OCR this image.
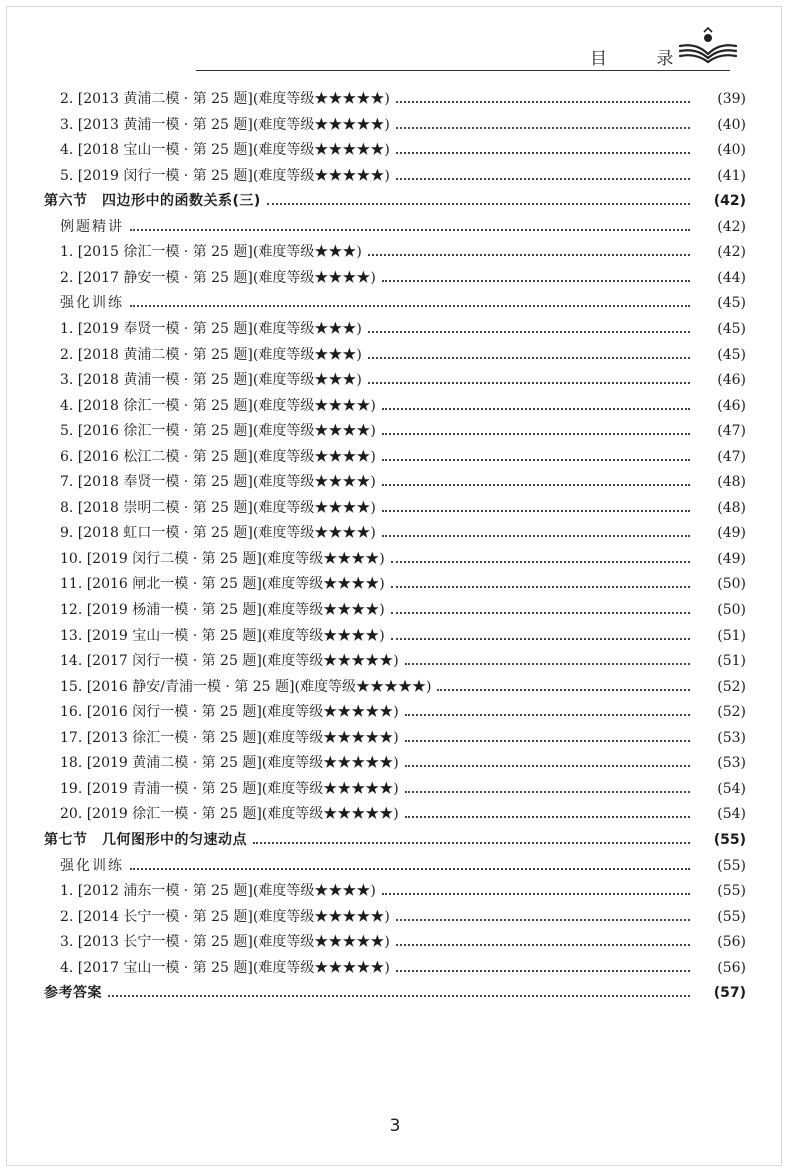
目 录
2. [2013 黄浦二模 · 第 25 题](难度等级★★★★★)	(39)
3. [2013 黄浦一模 · 第 25 题](难度等级★★★★★)	(40)
4. [2018 宝山一模 · 第 25 题](难度等级★★★★★)	(40)
5. [2019 闵行一模 · 第 25 题](难度等级★★★★★)	(41)
第六节　四边形中的函数关系(三)	(42)
例题精讲	(42)
1. [2015 徐汇一模 · 第 25 题](难度等级★★★)	(42)
2. [2017 静安一模 · 第 25 题](难度等级★★★★)	(44)
强化训练	(45)
1. [2019 奉贤一模 · 第 25 题](难度等级★★★)	(45)
2. [2018 黄浦二模 · 第 25 题](难度等级★★★)	(45)
3. [2018 黄浦一模 · 第 25 题](难度等级★★★)	(46)
4. [2018 徐汇一模 · 第 25 题](难度等级★★★★)	(46)
5. [2016 徐汇一模 · 第 25 题](难度等级★★★★)	(47)
6. [2016 松江二模 · 第 25 题](难度等级★★★★)	(47)
7. [2018 奉贤一模 · 第 25 题](难度等级★★★★)	(48)
8. [2018 崇明二模 · 第 25 题](难度等级★★★★)	(48)
9. [2018 虹口一模 · 第 25 题](难度等级★★★★)	(49)
10. [2019 闵行二模 · 第 25 题](难度等级★★★★)	(49)
11. [2016 闸北一模 · 第 25 题](难度等级★★★★)	(50)
12. [2019 杨浦一模 · 第 25 题](难度等级★★★★)	(50)
13. [2019 宝山一模 · 第 25 题](难度等级★★★★)	(51)
14. [2017 闵行一模 · 第 25 题](难度等级★★★★★)	(51)
15. [2016 静安/青浦一模 · 第 25 题](难度等级★★★★★)	(52)
16. [2016 闵行一模 · 第 25 题](难度等级★★★★★)	(52)
17. [2013 徐汇一模 · 第 25 题](难度等级★★★★★)	(53)
18. [2019 黄浦二模 · 第 25 题](难度等级★★★★★)	(53)
19. [2019 青浦一模 · 第 25 题](难度等级★★★★★)	(54)
20. [2019 徐汇一模 · 第 25 题](难度等级★★★★★)	(54)
第七节　几何图形中的匀速动点	(55)
强化训练	(55)
1. [2012 浦东一模 · 第 25 题](难度等级★★★★)	(55)
2. [2014 长宁一模 · 第 25 题](难度等级★★★★★)	(55)
3. [2013 长宁一模 · 第 25 题](难度等级★★★★★)	(56)
4. [2017 宝山一模 · 第 25 题](难度等级★★★★★)	(56)
参考答案	(57)
3
